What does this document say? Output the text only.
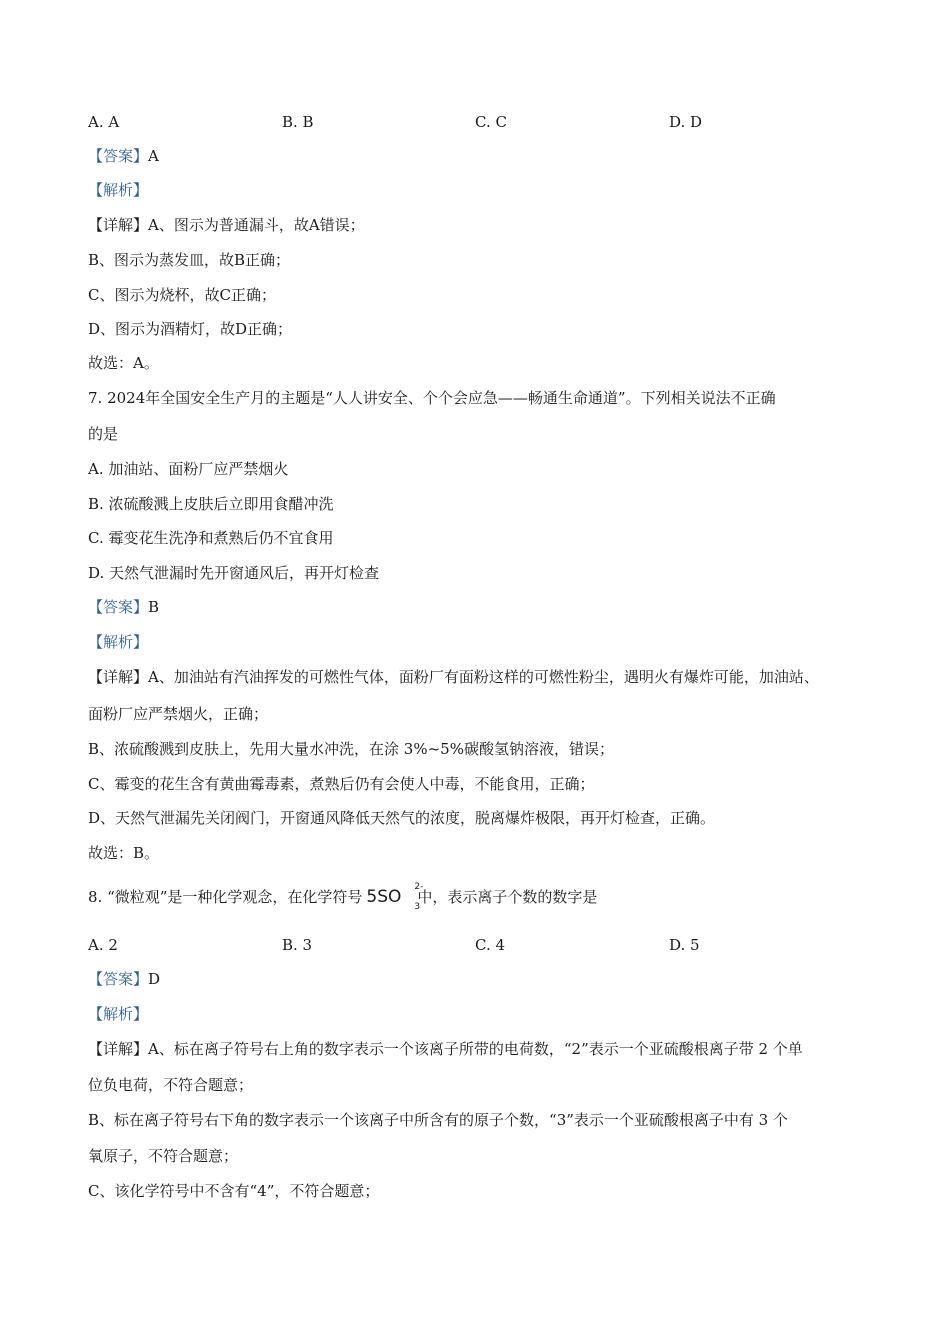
A. A	B. B	C. C	D. D
【答案】A
【解析】
【详解】A、图示为普通漏斗，故A错误；
B、图示为蒸发皿，故B正确；
C、图示为烧杯，故C正确；
D、图示为酒精灯，故D正确；
故选：A。
7. 2024年全国安全生产月的主题是“人人讲安全、个个会应急——畅通生命通道”。下列相关说法不正确
的是
A. 加油站、面粉厂应严禁烟火
B. 浓硫酸溅上皮肤后立即用食醋冲洗
C. 霉变花生洗净和煮熟后仍不宜食用
D. 天然气泄漏时先开窗通风后，再开灯检查
【答案】B
【解析】
【详解】A、加油站有汽油挥发的可燃性气体，面粉厂有面粉这样的可燃性粉尘，遇明火有爆炸可能，加油站、
面粉厂应严禁烟火，正确；
B、浓硫酸溅到皮肤上，先用大量水冲洗，在涂 3%~5%碳酸氢钠溶液，错误；
C、霉变的花生含有黄曲霉毒素，煮熟后仍有会使人中毒，不能食用，正确；
D、天然气泄漏先关闭阀门，开窗通风降低天然气的浓度，脱离爆炸极限，再开灯检查，正确。
故选：B。
8. “微粒观”是一种化学观念，在化学符号 5SO 2-
3
中，表示离子个数的数字是
A. 2	B. 3	C. 4	D. 5
【答案】D
【解析】
【详解】A、标在离子符号右上角的数字表示一个该离子所带的电荷数，“2”表示一个亚硫酸根离子带 2 个单
位负电荷，不符合题意；
B、标在离子符号右下角的数字表示一个该离子中所含有的原子个数，“3”表示一个亚硫酸根离子中有 3 个
氧原子，不符合题意；
C、该化学符号中不含有“4”，不符合题意；
